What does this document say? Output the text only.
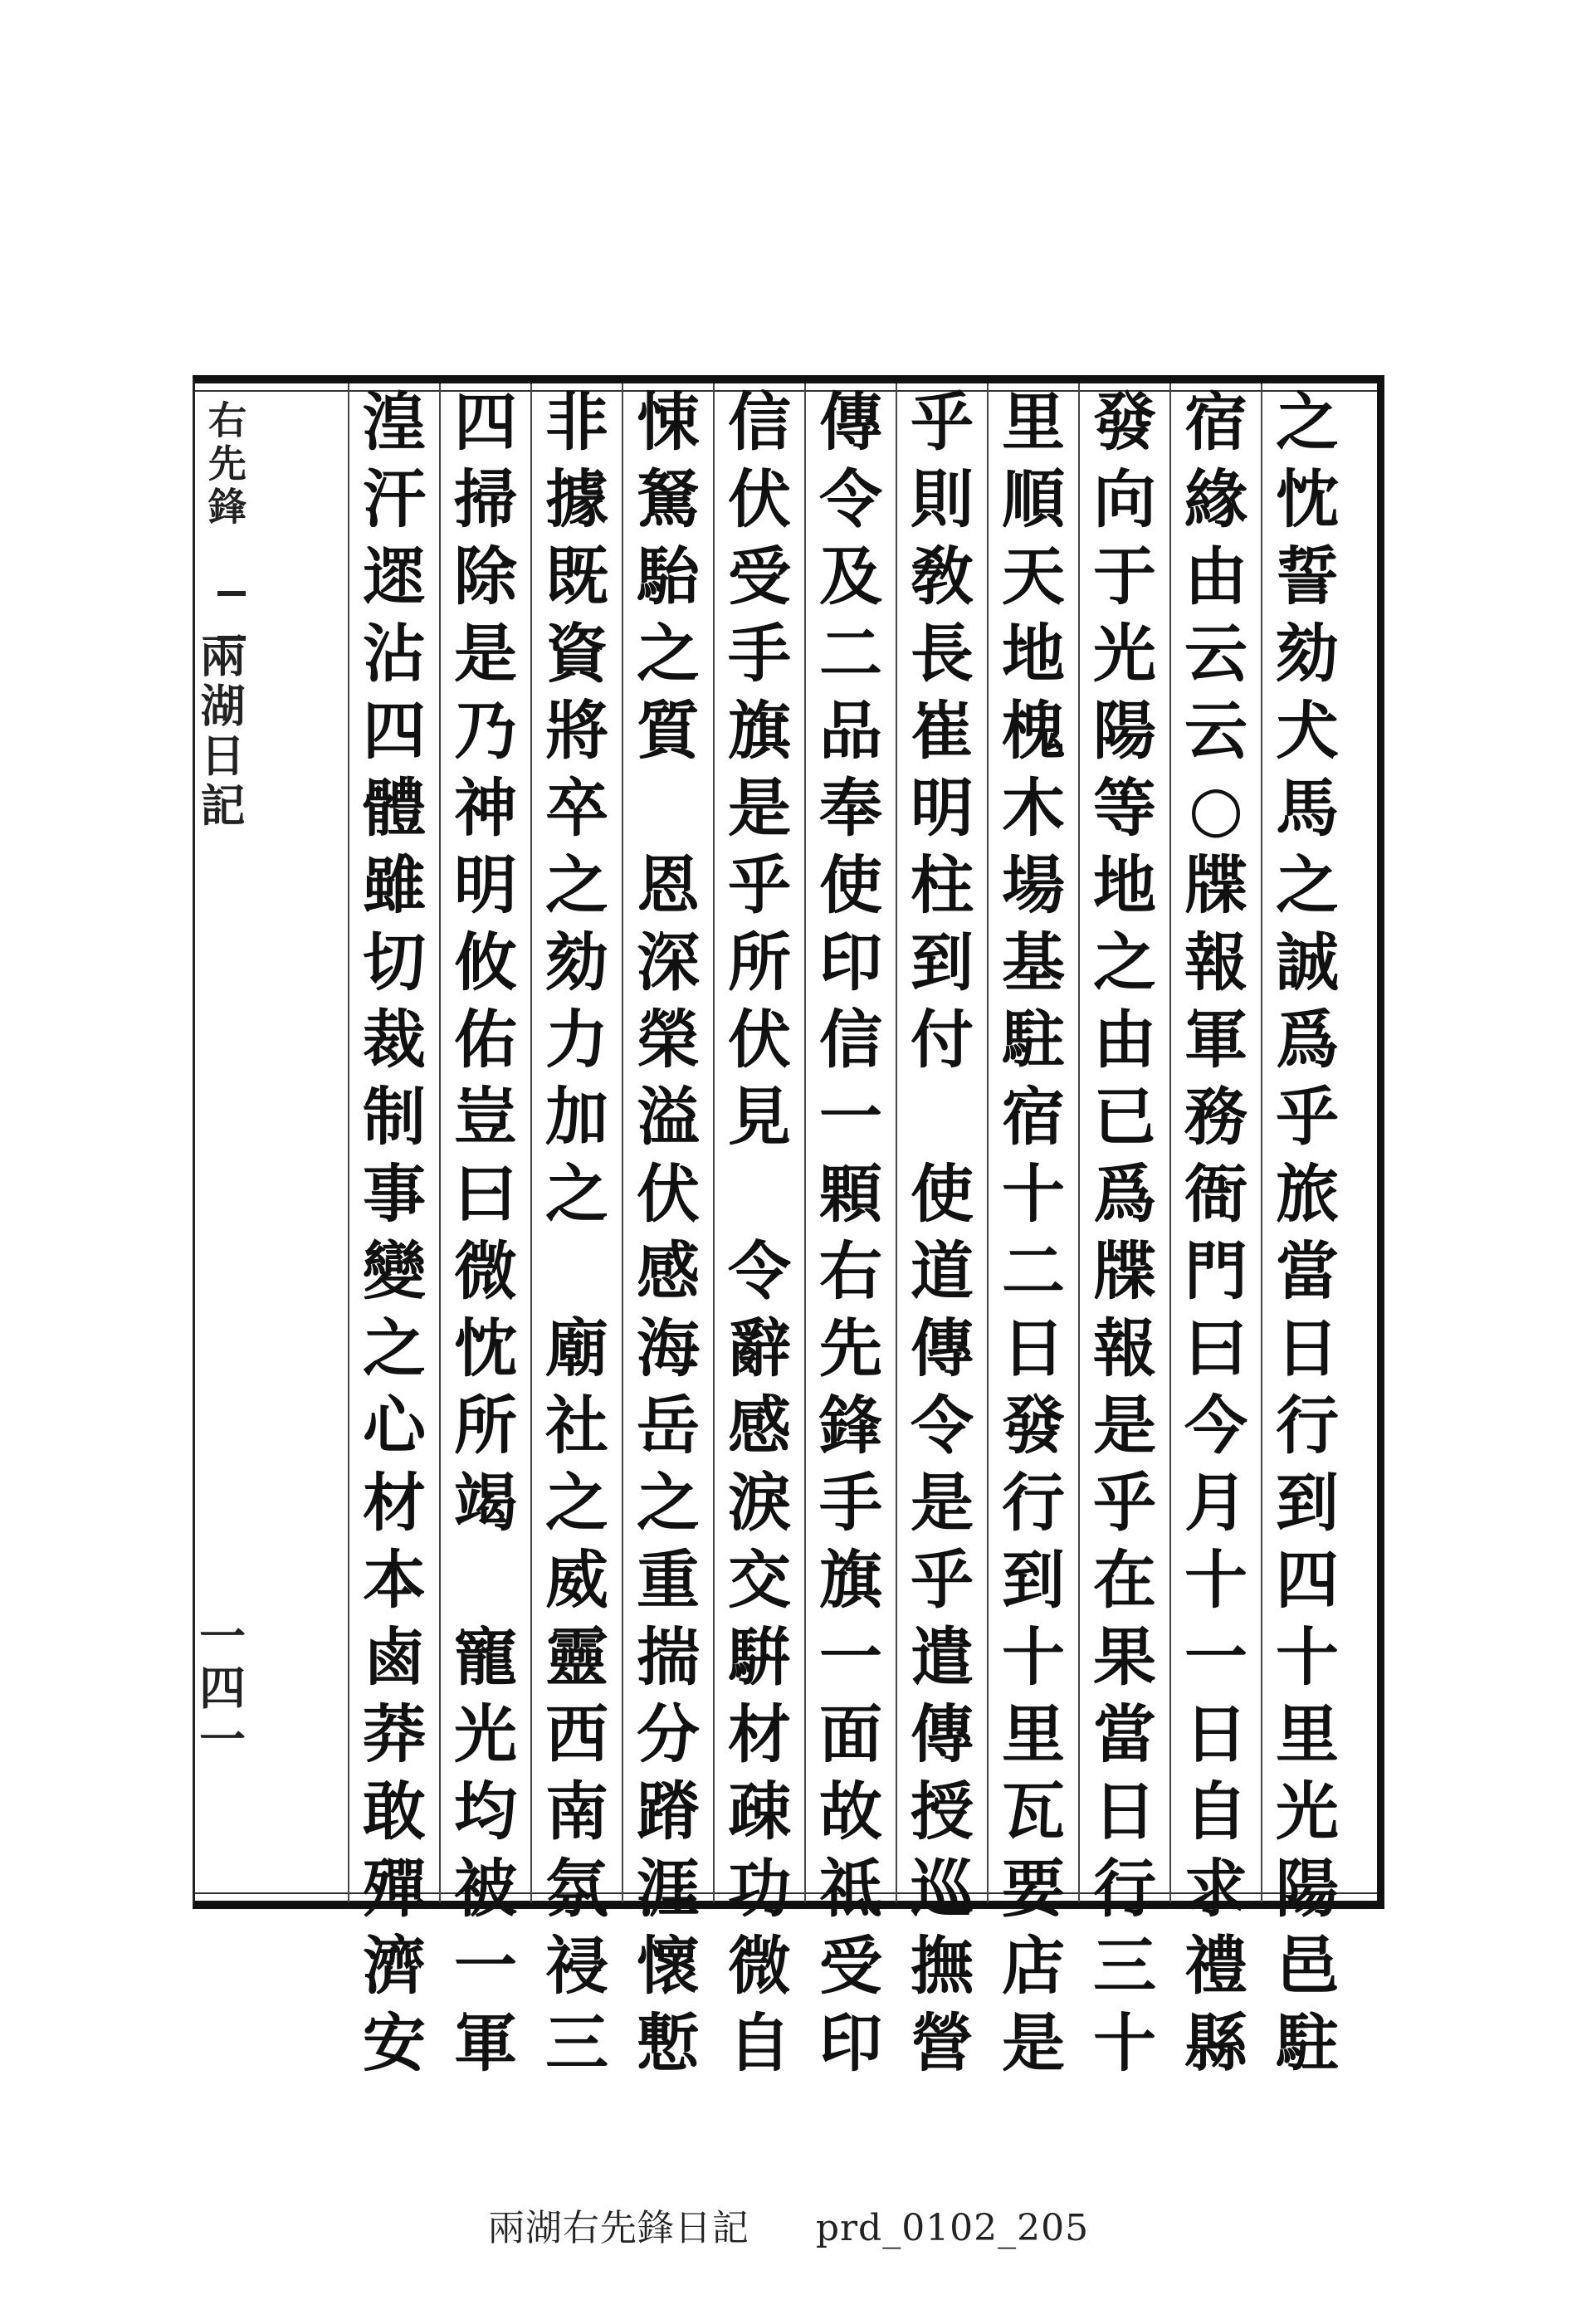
之
忱
誓
劾
犬
馬
之
誠
爲
乎
旅
當
日
行
到
四
十
里
光
陽
邑
駐
宿
緣
由
云
云
○
牒
報
軍
務
衙
門
曰
今
月
十
一
日
自
求
禮
縣
發
向
于
光
陽
等
地
之
由
已
爲
牒
報
是
乎
在
果
當
日
行
三
十
里
順
天
地
槐
木
場
基
駐
宿
十
二
日
發
行
到
十
里
瓦
要
店
是
乎
則
敎
長
崔
明
柱
到
付

使
道
傳
令
是
乎
遣
傳
授
巡
撫
營
傳
令
及
二
品
奉
使
印
信
一
顆
右
先
鋒
手
旗
一
面
故
祗
受
印
信
伏
受
手
旗
是
乎
所
伏
見

令
辭
感
淚
交
騈
材
疎
功
微
自
悚
駑
駘
之
質

恩
深
榮
溢
伏
感
海
岳
之
重
揣
分
蹐
涯
懷
慙
非
據
既
資
將
卒
之
劾
力
加
之

廟
社
之
威
靈
西
南
氛
祲
三
四
掃
除
是
乃
神
明
攸
佑
豈
曰
微
忱
所
竭

寵
光
均
被
一
軍
湟
汗
遝
沾
四
體
雖
切
裁
制
事
變
之
心
材
本
鹵
莽
敢
殫
濟
安
右先鋒
兩湖日記
一四一
兩湖右先鋒日記 prd_0102_205
